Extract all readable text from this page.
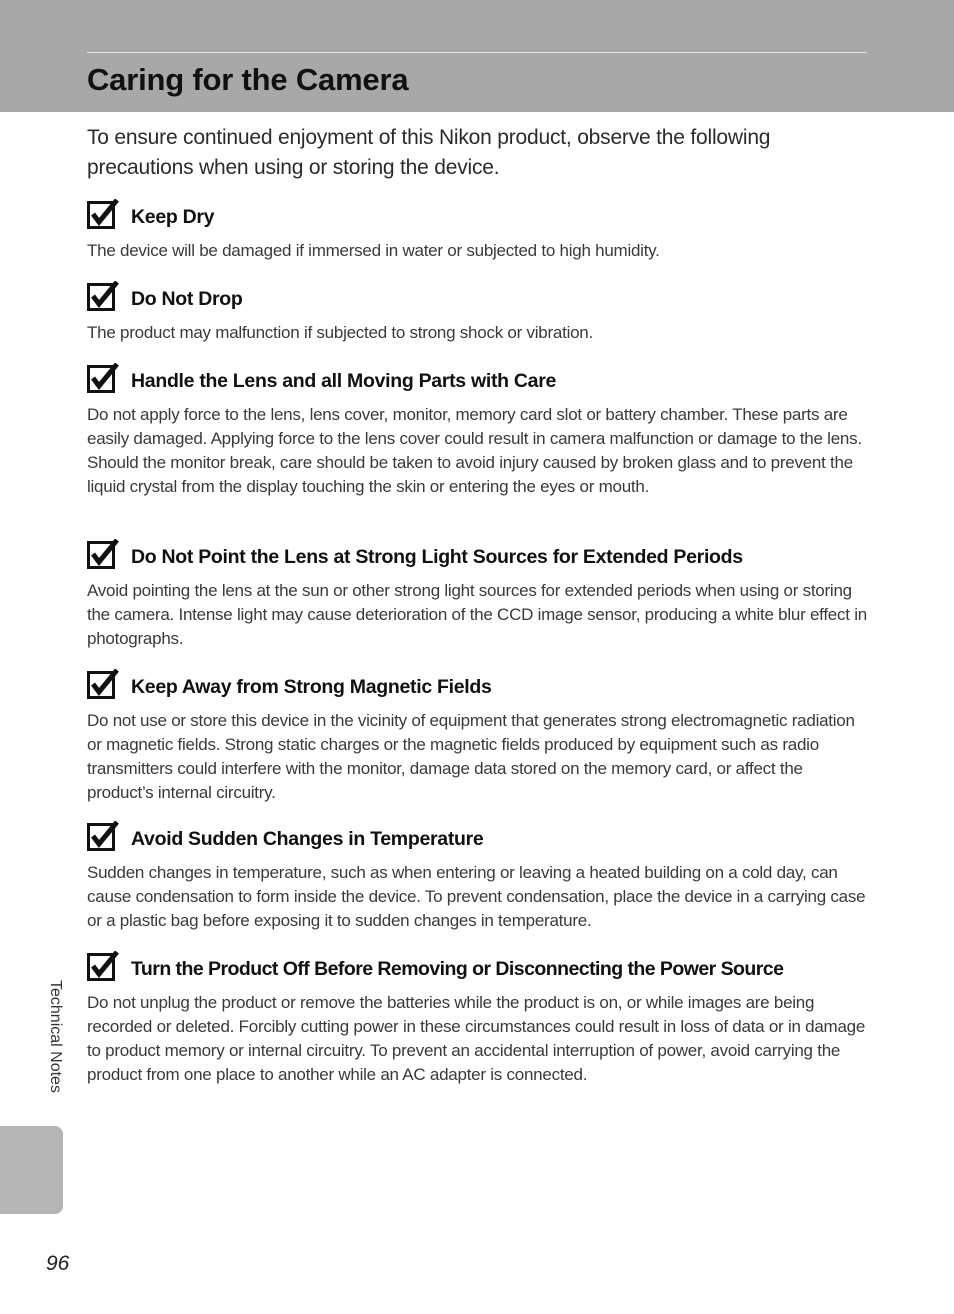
Caring for the Camera

To ensure continued enjoyment of this Nikon product, observe the following precautions when using or storing the device.

Keep Dry

The device will be damaged if immersed in water or subjected to high humidity.

Do Not Drop

The product may malfunction if subjected to strong shock or vibration.

Handle the Lens and all Moving Parts with Care

Do not apply force to the lens, lens cover, monitor, memory card slot or battery chamber. These parts are easily damaged. Applying force to the lens cover could result in camera malfunction or damage to the lens. Should the monitor break, care should be taken to avoid injury caused by broken glass and to prevent the liquid crystal from the display touching the skin or entering the eyes or mouth.

Do Not Point the Lens at Strong Light Sources for Extended Periods

Avoid pointing the lens at the sun or other strong light sources for extended periods when using or storing the camera. Intense light may cause deterioration of the CCD image sensor, producing a white blur effect in photographs.

Keep Away from Strong Magnetic Fields

Do not use or store this device in the vicinity of equipment that generates strong electromagnetic radiation or magnetic fields. Strong static charges or the magnetic fields produced by equipment such as radio transmitters could interfere with the monitor, damage data stored on the memory card, or affect the product’s internal circuitry.

Avoid Sudden Changes in Temperature

Sudden changes in temperature, such as when entering or leaving a heated building on a cold day, can cause condensation to form inside the device. To prevent condensation, place the device in a carrying case or a plastic bag before exposing it to sudden changes in temperature.

Turn the Product Off Before Removing or Disconnecting the Power Source

Do not unplug the product or remove the batteries while the product is on, or while images are being recorded or deleted. Forcibly cutting power in these circumstances could result in loss of data or in damage to product memory or internal circuitry. To prevent an accidental interruption of power, avoid carrying the product from one place to another while an AC adapter is connected.

Technical Notes
96
